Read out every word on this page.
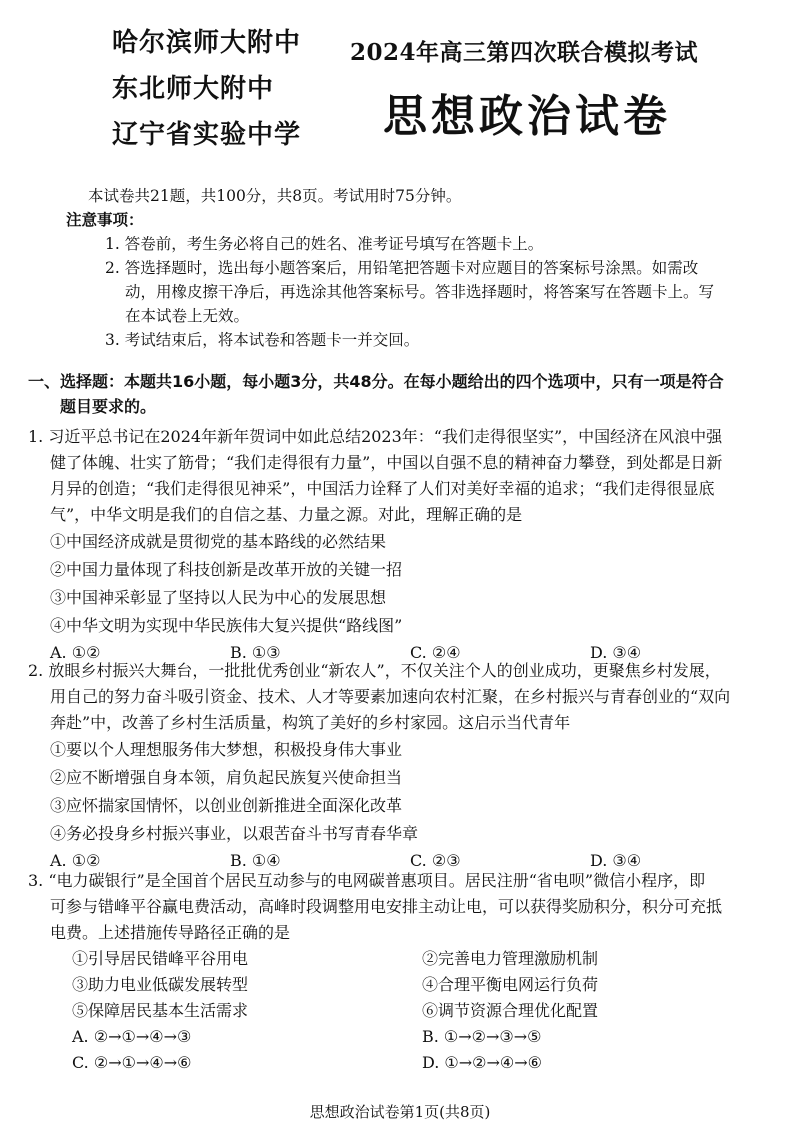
哈尔滨师大附中
东北师大附中
辽宁省实验中学
2024年高三第四次联合模拟考试
思想政治试卷
本试卷共21题，共100分，共8页。考试用时75分钟。
注意事项：
1. 答卷前，考生务必将自己的姓名、准考证号填写在答题卡上。
2. 答选择题时，选出每小题答案后，用铅笔把答题卡对应题目的答案标号涂黑。如需改
动，用橡皮擦干净后，再选涂其他答案标号。答非选择题时，将答案写在答题卡上。写
在本试卷上无效。
3. 考试结束后，将本试卷和答题卡一并交回。
一、选择题：本题共16小题，每小题3分，共48分。在每小题给出的四个选项中，只有一项是符合
题目要求的。
1. 习近平总书记在2024年新年贺词中如此总结2023年：“我们走得很坚实”，中国经济在风浪中强
健了体魄、壮实了筋骨；“我们走得很有力量”，中国以自强不息的精神奋力攀登，到处都是日新
月异的创造；“我们走得很见神采”，中国活力诠释了人们对美好幸福的追求；“我们走得很显底
气”，中华文明是我们的自信之基、力量之源。对此，理解正确的是
①中国经济成就是贯彻党的基本路线的必然结果
②中国力量体现了科技创新是改革开放的关键一招
③中国神采彰显了坚持以人民为中心的发展思想
④中华文明为实现中华民族伟大复兴提供“路线图”
A. ①②	B. ①③	C. ②④	D. ③④
2. 放眼乡村振兴大舞台，一批批优秀创业“新农人”，不仅关注个人的创业成功，更聚焦乡村发展，
用自己的努力奋斗吸引资金、技术、人才等要素加速向农村汇聚，在乡村振兴与青春创业的“双向
奔赴”中，改善了乡村生活质量，构筑了美好的乡村家园。这启示当代青年
①要以个人理想服务伟大梦想，积极投身伟大事业
②应不断增强自身本领，肩负起民族复兴使命担当
③应怀揣家国情怀，以创业创新推进全面深化改革
④务必投身乡村振兴事业，以艰苦奋斗书写青春华章
A. ①②	B. ①④	C. ②③	D. ③④
3. “电力碳银行”是全国首个居民互动参与的电网碳普惠项目。居民注册“省电呗”微信小程序，即
可参与错峰平谷赢电费活动，高峰时段调整用电安排主动让电，可以获得奖励积分，积分可充抵
电费。上述措施传导路径正确的是
①引导居民错峰平谷用电	②完善电力管理激励机制
③助力电业低碳发展转型	④合理平衡电网运行负荷
⑤保障居民基本生活需求	⑥调节资源合理优化配置
A. ②→①→④→③	B. ①→②→③→⑤
C. ②→①→④→⑥	D. ①→②→④→⑥
思想政治试卷第1页(共8页)
